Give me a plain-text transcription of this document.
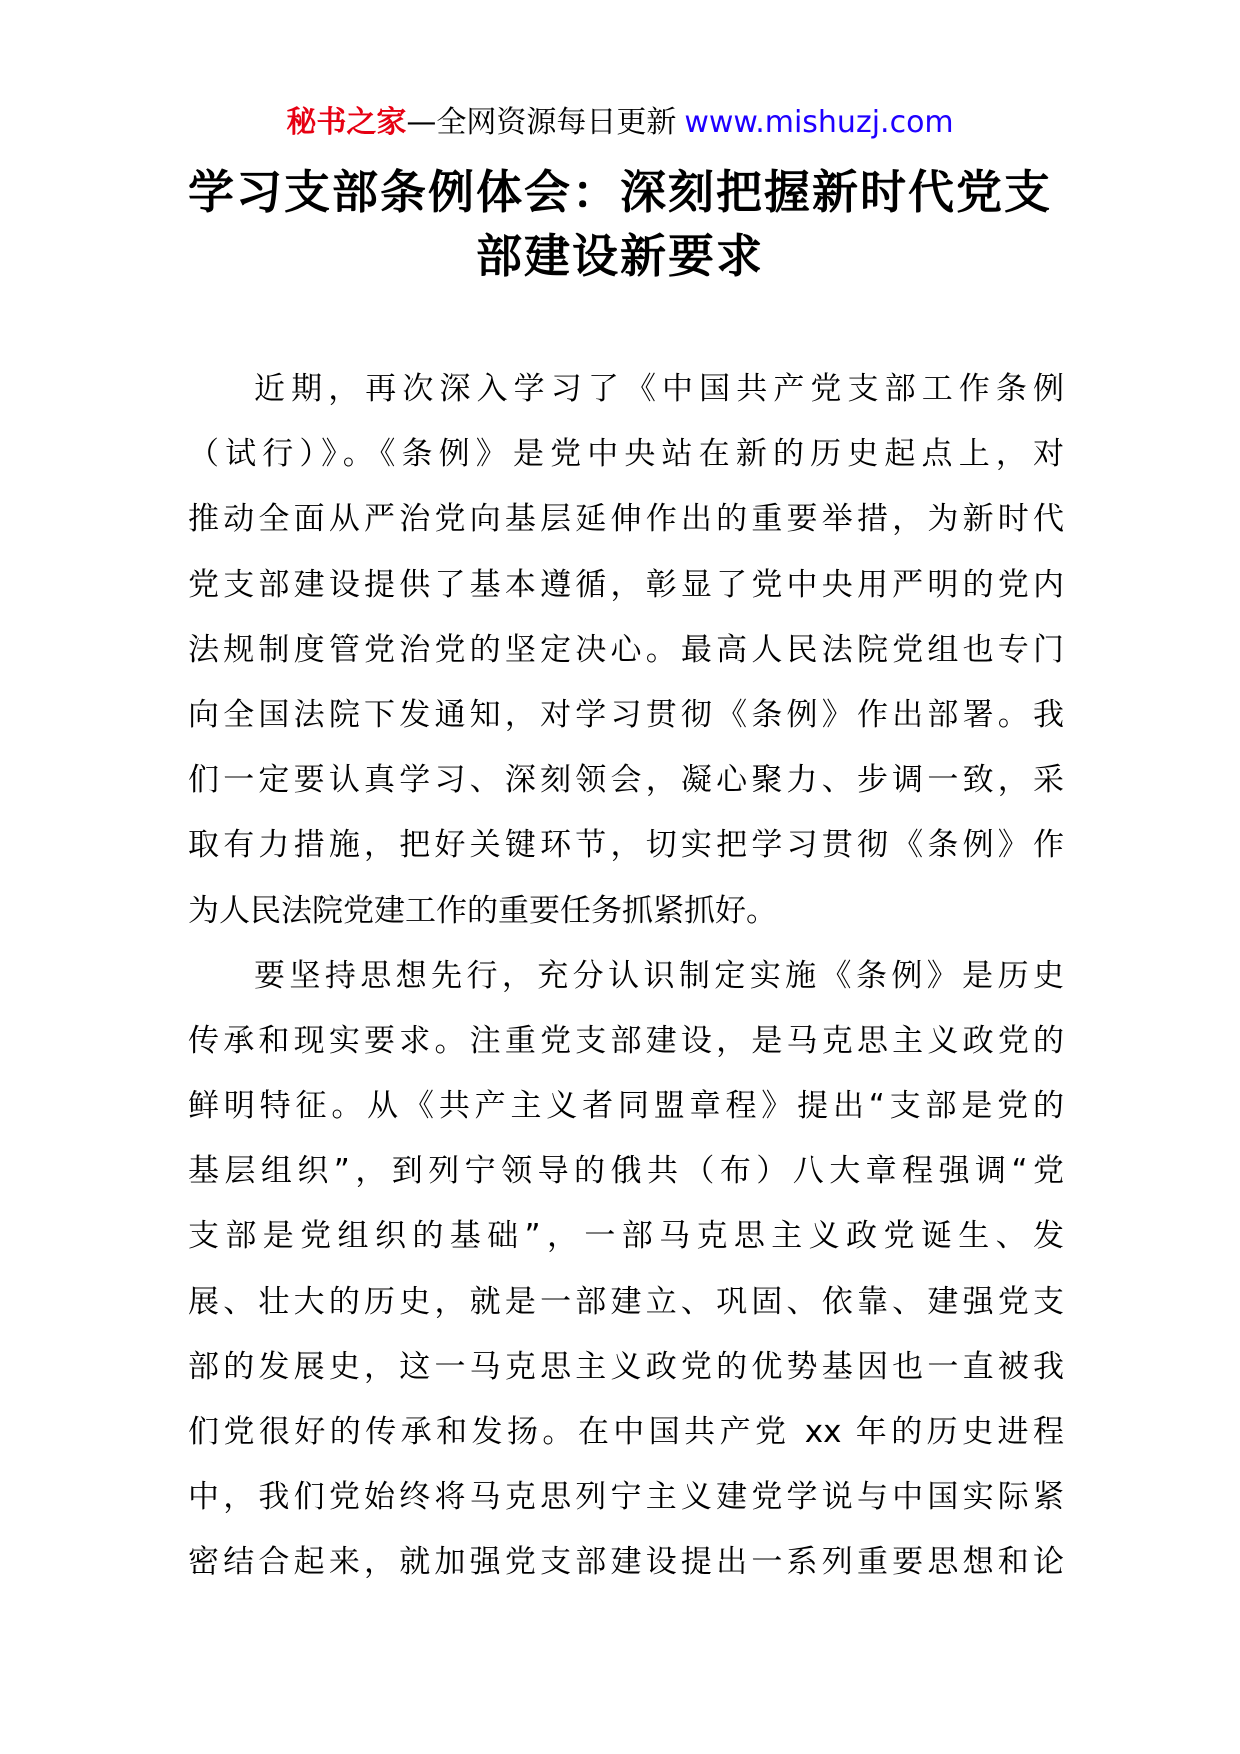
秘书之家—全网资源每日更新 www.mishuzj.com
学习支部条例体会：深刻把握新时代党支
部建设新要求
近期，再次深入学习了《中国共产党支部工作条例
（试行）》。《条例》是党中央站在新的历史起点上，对
推动全面从严治党向基层延伸作出的重要举措，为新时代
党支部建设提供了基本遵循，彰显了党中央用严明的党内
法规制度管党治党的坚定决心。最高人民法院党组也专门
向全国法院下发通知，对学习贯彻《条例》作出部署。我
们一定要认真学习、深刻领会，凝心聚力、步调一致，采
取有力措施，把好关键环节，切实把学习贯彻《条例》作
为人民法院党建工作的重要任务抓紧抓好。
要坚持思想先行，充分认识制定实施《条例》是历史
传承和现实要求。注重党支部建设，是马克思主义政党的
鲜明特征。从《共产主义者同盟章程》提出“支部是党的
基层组织”，到列宁领导的俄共（布）八大章程强调“党
支部是党组织的基础”，一部马克思主义政党诞生、发
展、壮大的历史，就是一部建立、巩固、依靠、建强党支
部的发展史，这一马克思主义政党的优势基因也一直被我
们党很好的传承和发扬。在中国共产党 xx 年的历史进程
中，我们党始终将马克思列宁主义建党学说与中国实际紧
密结合起来，就加强党支部建设提出一系列重要思想和论
